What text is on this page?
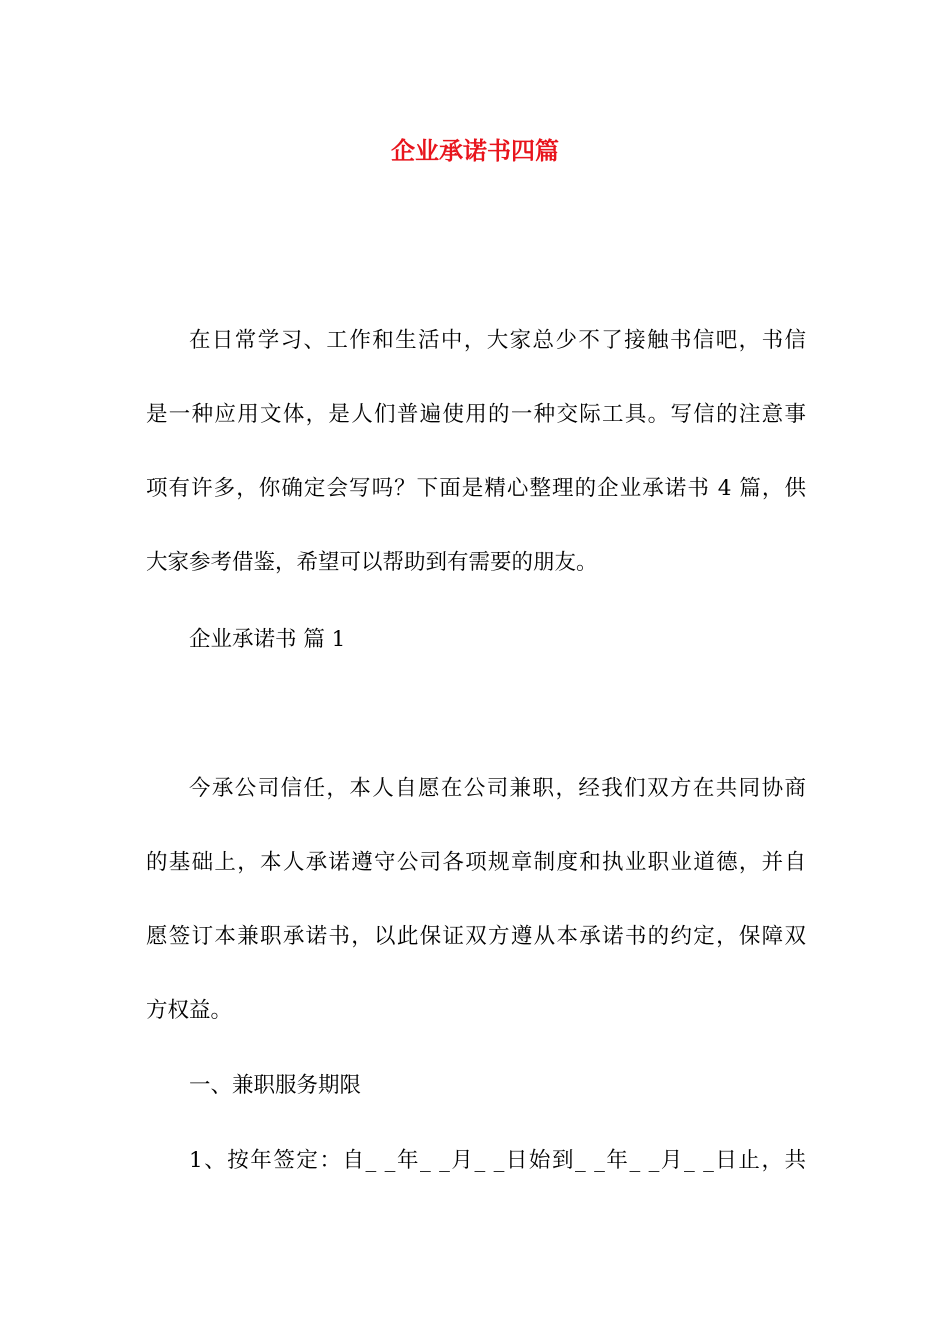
企业承诺书四篇
在日常学习、工作和生活中，大家总少不了接触书信吧，书信
是一种应用文体，是人们普遍使用的一种交际工具。写信的注意事
项有许多，你确定会写吗？下面是精心整理的企业承诺书 4 篇，供
大家参考借鉴，希望可以帮助到有需要的朋友。
企业承诺书 篇 1
今承公司信任，本人自愿在公司兼职，经我们双方在共同协商
的基础上，本人承诺遵守公司各项规章制度和执业职业道德，并自
愿签订本兼职承诺书，以此保证双方遵从本承诺书的约定，保障双
方权益。
一、兼职服务期限
1、按年签定：自_ _年_ _月_ _日始到_ _年_ _月_ _日止，共
